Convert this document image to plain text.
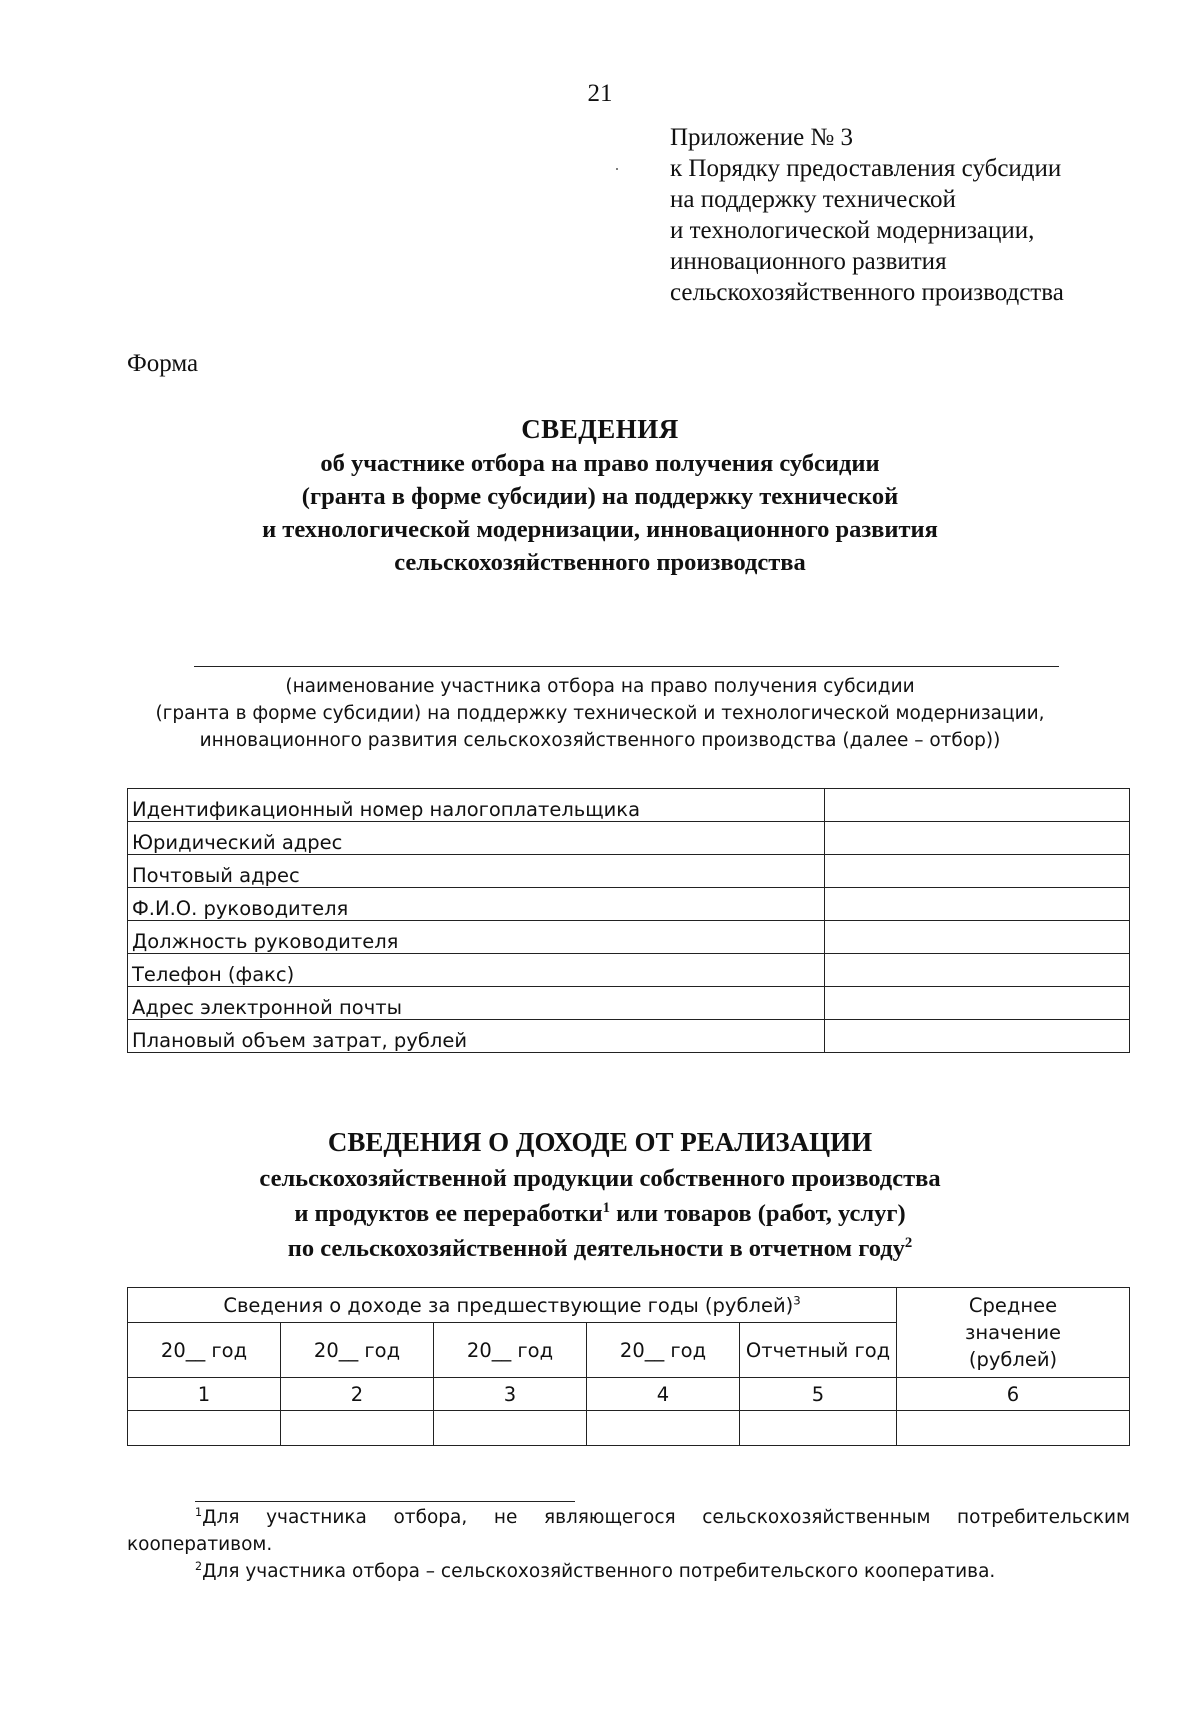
21
Приложение № 3
к Порядку предоставления субсидии
на поддержку технической
и технологической модернизации,
инновационного развития
сельскохозяйственного производства
Форма
СВЕДЕНИЯ
об участнике отбора на право получения субсидии
(гранта в форме субсидии) на поддержку технической
и технологической модернизации, инновационного развития
сельскохозяйственного производства
(наименование участника отбора на право получения субсидии
(гранта в форме субсидии) на поддержку технической и технологической модернизации,
инновационного развития сельскохозяйственного производства (далее – отбор))
Идентификационный номер налогоплательщика	
Юридический адрес	
Почтовый адрес	
Ф.И.О. руководителя	
Должность руководителя	
Телефон (факс)	
Адрес электронной почты	
Плановый объем затрат, рублей	
СВЕДЕНИЯ О ДОХОДЕ ОТ РЕАЛИЗАЦИИ
сельскохозяйственной продукции собственного производства
и продуктов ее переработки$^1$ или товаров (работ, услуг)
по сельскохозяйственной деятельности в отчетном году$^2$
Сведения о доходе за предшествующие годы (рублей)$^3$					Среднее
значение
(рублей)

20__ год	20__ год	20__ год	20__ год	Отчетный год	
1	2	3	4	5	6

$^1$Для участника отбора, не являющегося сельскохозяйственным потребительским кооперативом.
$^2$Для участника отбора – сельскохозяйственного потребительского кооператива.
